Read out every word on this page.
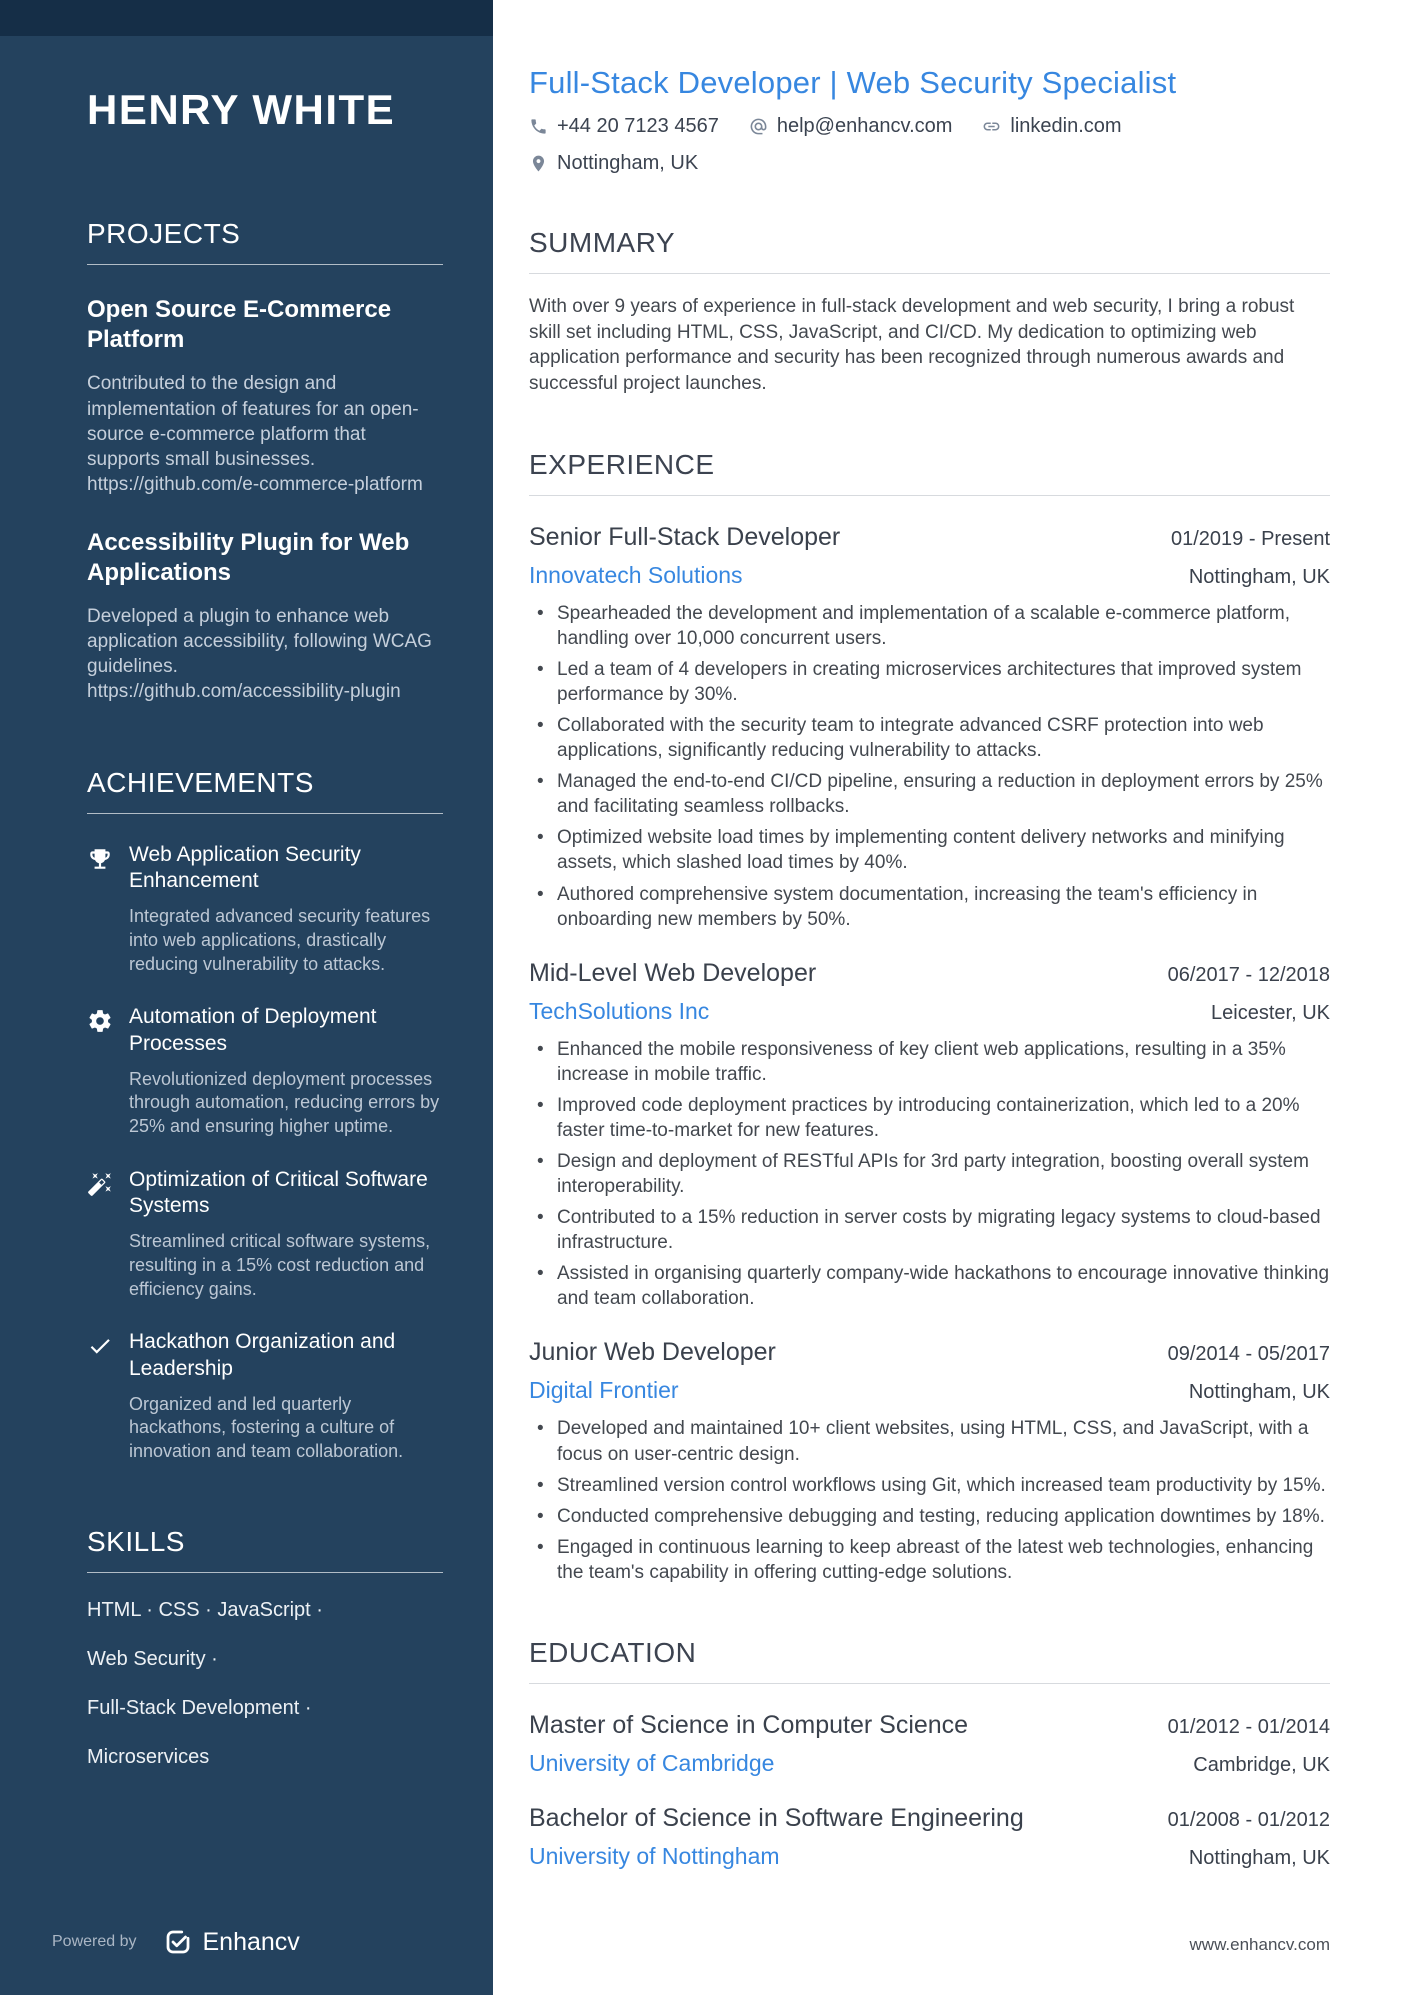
HENRY WHITE
PROJECTS
Open Source E-Commerce Platform

Contributed to the design and implementation of features for an open-source e-commerce platform that supports small businesses.

https://github.com/e-commerce-platform

Accessibility Plugin for Web Applications

Developed a plugin to enhance web application accessibility, following WCAG guidelines.

https://github.com/accessibility-plugin

ACHIEVEMENTS
Web Application Security Enhancement

Integrated advanced security features into web applications, drastically reducing vulnerability to attacks.

Automation of Deployment Processes

Revolutionized deployment processes through automation, reducing errors by 25% and ensuring higher uptime.

Optimization of Critical Software Systems

Streamlined critical software systems, resulting in a 15% cost reduction and efficiency gains.

Hackathon Organization and Leadership

Organized and led quarterly hackathons, fostering a culture of innovation and team collaboration.

SKILLS

HTML · CSS · JavaScript ·

Web Security ·

Full-Stack Development ·

Microservices

Powered by	Enhancv
Full-Stack Developer | Web Security Specialist
+44 20 7123 4567	help@enhancv.com	linkedin.com
Nottingham, UK
SUMMARY

With over 9 years of experience in full-stack development and web security, I bring a robust skill set including HTML, CSS, JavaScript, and CI/CD. My dedication to optimizing web application performance and security has been recognized through numerous awards and successful project launches.

EXPERIENCE
Senior Full-Stack Developer	01/2019 - Present
Innovatech Solutions	Nottingham, UK
• Spearheaded the development and implementation of a scalable e-commerce platform, handling over 10,000 concurrent users.
• Led a team of 4 developers in creating microservices architectures that improved system performance by 30%.
• Collaborated with the security team to integrate advanced CSRF protection into web applications, significantly reducing vulnerability to attacks.
• Managed the end-to-end CI/CD pipeline, ensuring a reduction in deployment errors by 25% and facilitating seamless rollbacks.
• Optimized website load times by implementing content delivery networks and minifying assets, which slashed load times by 40%.
• Authored comprehensive system documentation, increasing the team's efficiency in onboarding new members by 50%.
Mid-Level Web Developer	06/2017 - 12/2018
TechSolutions Inc	Leicester, UK
• Enhanced the mobile responsiveness of key client web applications, resulting in a 35% increase in mobile traffic.
• Improved code deployment practices by introducing containerization, which led to a 20% faster time-to-market for new features.
• Design and deployment of RESTful APIs for 3rd party integration, boosting overall system interoperability.
• Contributed to a 15% reduction in server costs by migrating legacy systems to cloud-based infrastructure.
• Assisted in organising quarterly company-wide hackathons to encourage innovative thinking and team collaboration.
Junior Web Developer	09/2014 - 05/2017
Digital Frontier	Nottingham, UK
• Developed and maintained 10+ client websites, using HTML, CSS, and JavaScript, with a focus on user-centric design.
• Streamlined version control workflows using Git, which increased team productivity by 15%.
• Conducted comprehensive debugging and testing, reducing application downtimes by 18%.
• Engaged in continuous learning to keep abreast of the latest web technologies, enhancing the team's capability in offering cutting-edge solutions.
EDUCATION
Master of Science in Computer Science	01/2012 - 01/2014
University of Cambridge	Cambridge, UK
Bachelor of Science in Software Engineering	01/2008 - 01/2012
University of Nottingham	Nottingham, UK
www.enhancv.com
